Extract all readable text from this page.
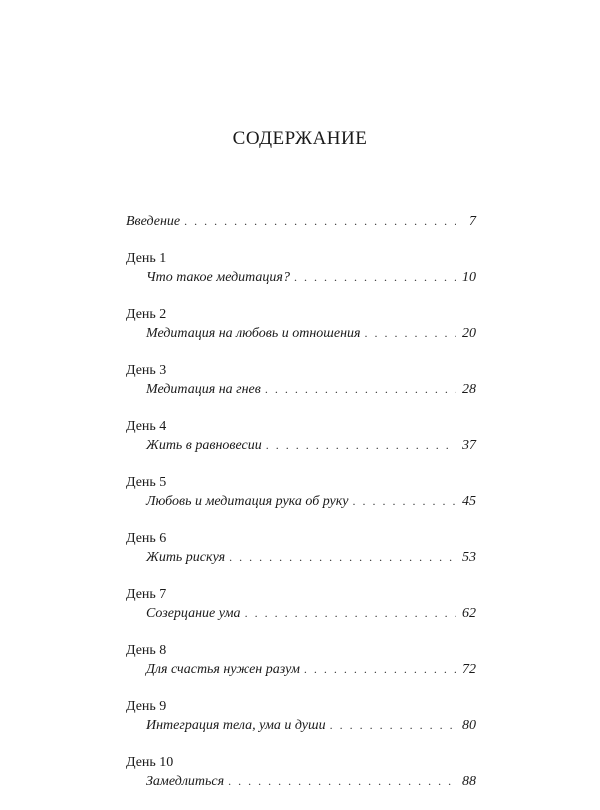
СОДЕРЖАНИЕ
Введение . . .	7
День 1
Что такое медитация? . . .	10
День 2
Медитация на любовь и отношения . . .	20
День 3
Медитация на гнев . . .	28
День 4
Жить в равновесии . . .	37
День 5
Любовь и медитация рука об руку . . .	45
День 6
Жить рискуя . . .	53
День 7
Созерцание ума . . .	62
День 8
Для счастья нужен разум . . .	72
День 9
Интеграция тела, ума и души . . .	80
День 10
Замедлиться . . .	88
